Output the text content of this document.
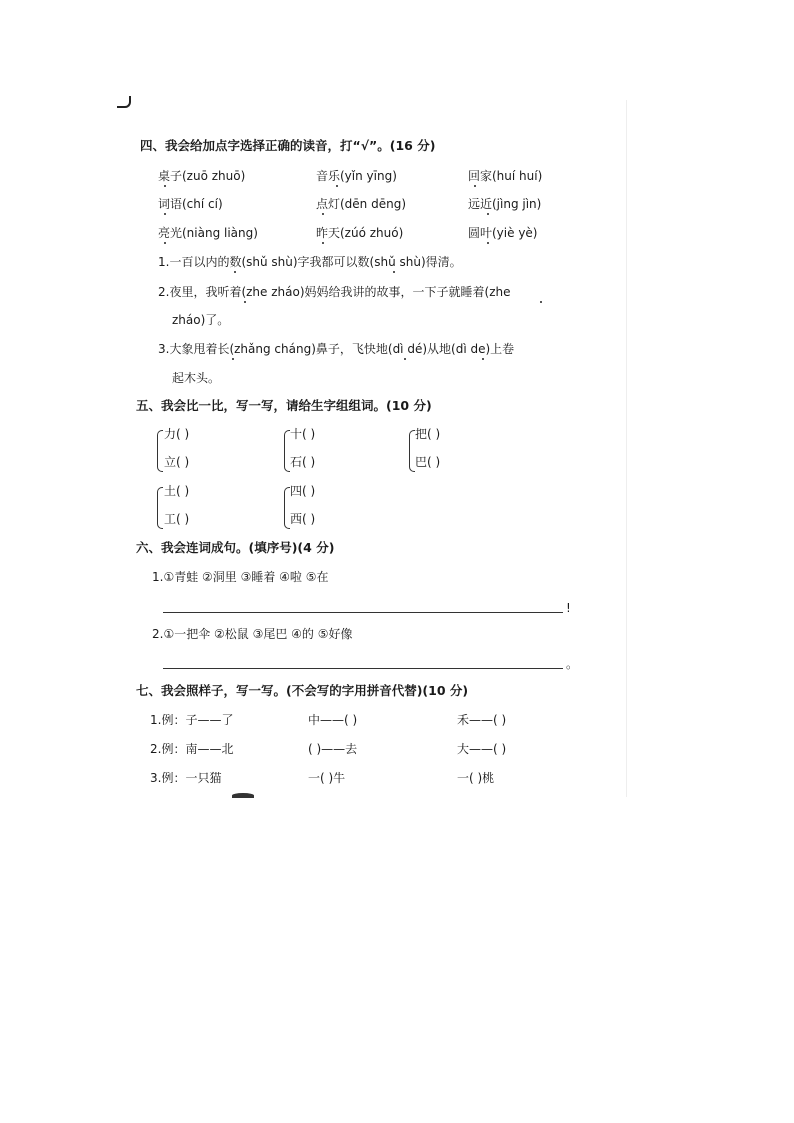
四、我会给加点字选择正确的读音，打“√”。(16 分)
桌子(zuō zhuō)	音乐(yǐn yīng)	回家(huí huí)
词语(chí cí)	点灯(dēn dēng)	远近(jìng jìn)
亮光(niàng liàng)	昨天(zúó zhuó)	圆叶(yiè yè)
1.一百以内的数(shǔ shù)字我都可以数(shǔ shù)得清。
2.夜里，我听着(zhe zháo)妈妈给我讲的故事，一下子就睡着(zhe
zháo)了。
3.大象甩着长(zhǎng cháng)鼻子，飞快地(dì dé)从地(dì de)上卷
起木头。
五、我会比一比，写一写，请给生字组组词。(10 分)
力( )
立( )
十( )
石( )
把( )
巴( )
土( )
工( )
四( )
西( )
六、我会连词成句。(填序号)(4 分)
1.①青蛙 ②洞里 ③睡着 ④啦 ⑤在
!
2.①一把伞 ②松鼠 ③尾巴 ④的 ⑤好像
。
七、我会照样子，写一写。(不会写的字用拼音代替)(10 分)
1.例：子——了	中——( )	禾——( )
2.例：南——北	( )——去	大——( )
3.例：一只猫	一( )牛	一( )桃
